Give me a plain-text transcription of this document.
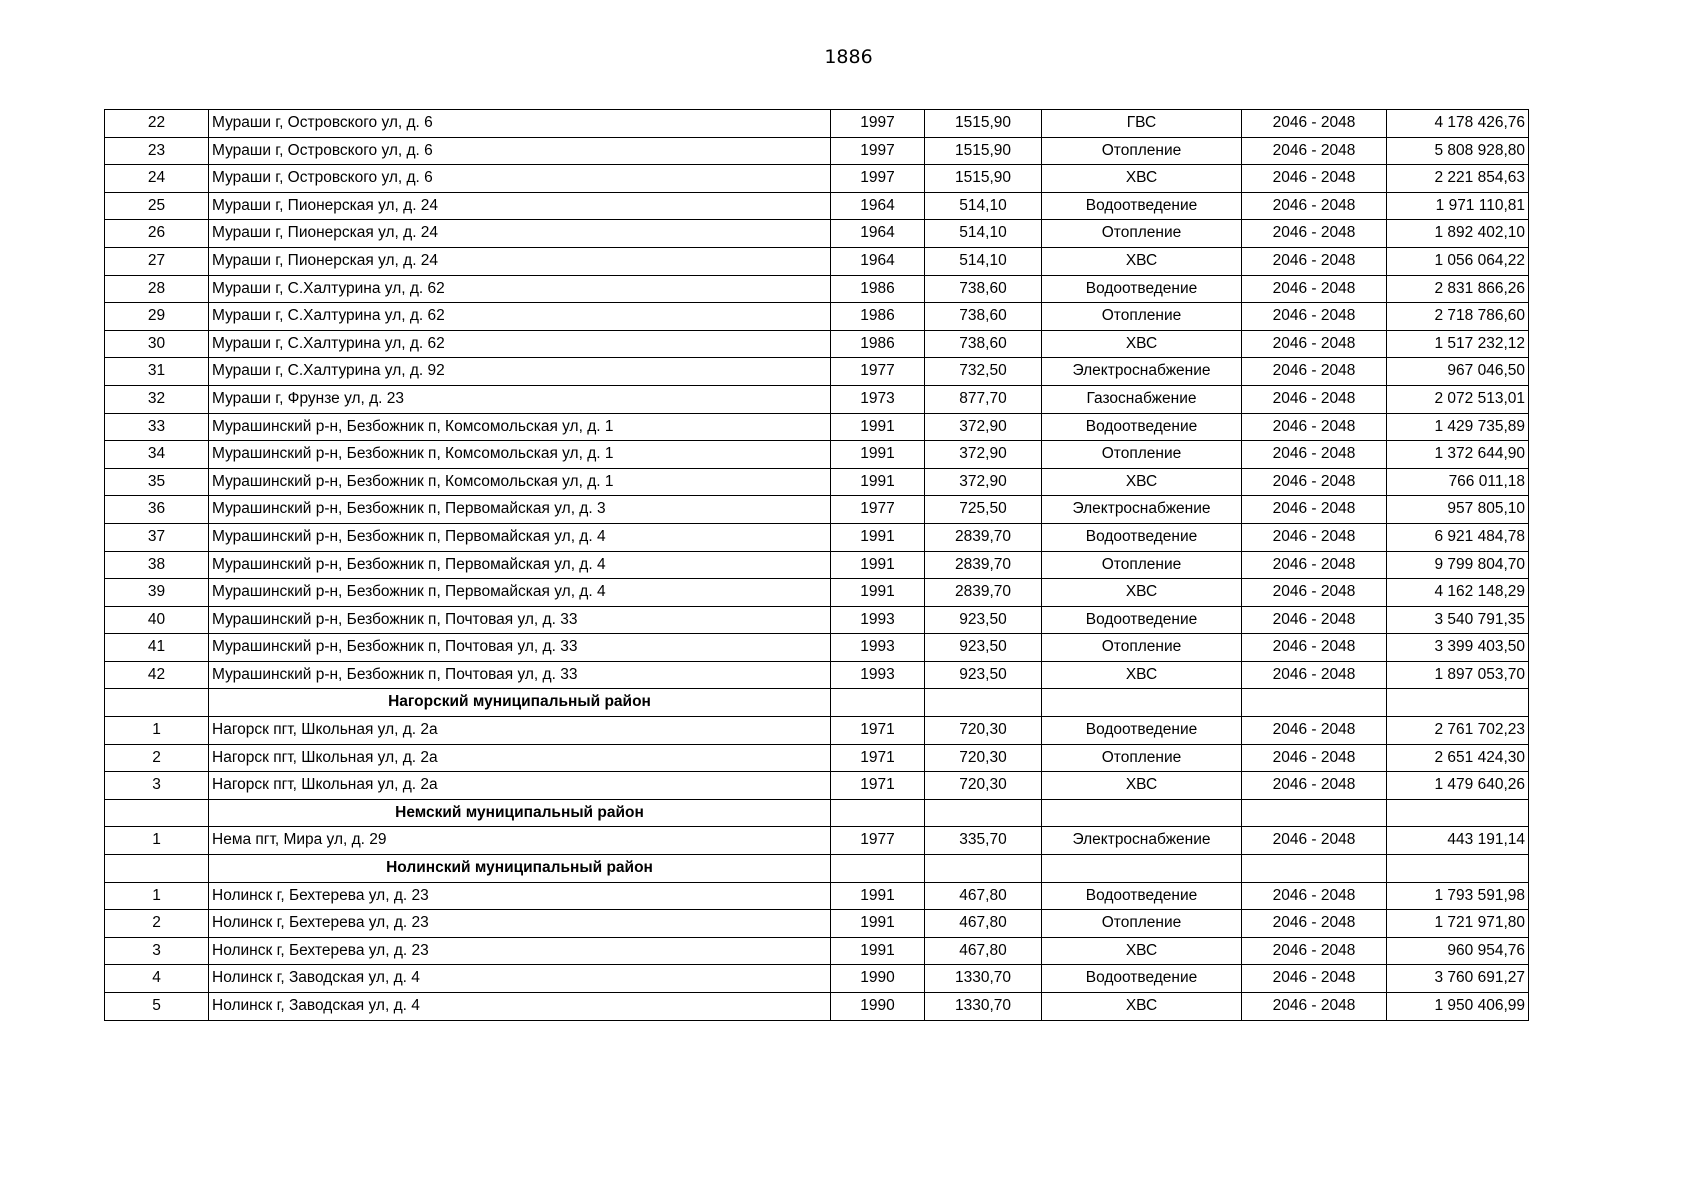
1886
22	Мураши г, Островского ул, д. 6	1997	1515,90	ГВС	2046 - 2048	4 178 426,76
23	Мураши г, Островского ул, д. 6	1997	1515,90	Отопление	2046 - 2048	5 808 928,80
24	Мураши г, Островского ул, д. 6	1997	1515,90	ХВС	2046 - 2048	2 221 854,63
25	Мураши г, Пионерская ул, д. 24	1964	514,10	Водоотведение	2046 - 2048	1 971 110,81
26	Мураши г, Пионерская ул, д. 24	1964	514,10	Отопление	2046 - 2048	1 892 402,10
27	Мураши г, Пионерская ул, д. 24	1964	514,10	ХВС	2046 - 2048	1 056 064,22
28	Мураши г, С.Халтурина ул, д. 62	1986	738,60	Водоотведение	2046 - 2048	2 831 866,26
29	Мураши г, С.Халтурина ул, д. 62	1986	738,60	Отопление	2046 - 2048	2 718 786,60
30	Мураши г, С.Халтурина ул, д. 62	1986	738,60	ХВС	2046 - 2048	1 517 232,12
31	Мураши г, С.Халтурина ул, д. 92	1977	732,50	Электроснабжение	2046 - 2048	967 046,50
32	Мураши г, Фрунзе ул, д. 23	1973	877,70	Газоснабжение	2046 - 2048	2 072 513,01
33	Мурашинский р-н, Безбожник п, Комсомольская ул, д. 1	1991	372,90	Водоотведение	2046 - 2048	1 429 735,89
34	Мурашинский р-н, Безбожник п, Комсомольская ул, д. 1	1991	372,90	Отопление	2046 - 2048	1 372 644,90
35	Мурашинский р-н, Безбожник п, Комсомольская ул, д. 1	1991	372,90	ХВС	2046 - 2048	766 011,18
36	Мурашинский р-н, Безбожник п, Первомайская ул, д. 3	1977	725,50	Электроснабжение	2046 - 2048	957 805,10
37	Мурашинский р-н, Безбожник п, Первомайская ул, д. 4	1991	2839,70	Водоотведение	2046 - 2048	6 921 484,78
38	Мурашинский р-н, Безбожник п, Первомайская ул, д. 4	1991	2839,70	Отопление	2046 - 2048	9 799 804,70
39	Мурашинский р-н, Безбожник п, Первомайская ул, д. 4	1991	2839,70	ХВС	2046 - 2048	4 162 148,29
40	Мурашинский р-н, Безбожник п, Почтовая ул, д. 33	1993	923,50	Водоотведение	2046 - 2048	3 540 791,35
41	Мурашинский р-н, Безбожник п, Почтовая ул, д. 33	1993	923,50	Отопление	2046 - 2048	3 399 403,50
42	Мурашинский р-н, Безбожник п, Почтовая ул, д. 33	1993	923,50	ХВС	2046 - 2048	1 897 053,70
	Нагорский муниципальный район					
1	Нагорск пгт, Школьная ул, д. 2а	1971	720,30	Водоотведение	2046 - 2048	2 761 702,23
2	Нагорск пгт, Школьная ул, д. 2а	1971	720,30	Отопление	2046 - 2048	2 651 424,30
3	Нагорск пгт, Школьная ул, д. 2а	1971	720,30	ХВС	2046 - 2048	1 479 640,26
	Немский муниципальный район					
1	Нема пгт, Мира ул, д. 29	1977	335,70	Электроснабжение	2046 - 2048	443 191,14
	Нолинский муниципальный район					
1	Нолинск г, Бехтерева ул, д. 23	1991	467,80	Водоотведение	2046 - 2048	1 793 591,98
2	Нолинск г, Бехтерева ул, д. 23	1991	467,80	Отопление	2046 - 2048	1 721 971,80
3	Нолинск г, Бехтерева ул, д. 23	1991	467,80	ХВС	2046 - 2048	960 954,76
4	Нолинск г, Заводская ул, д. 4	1990	1330,70	Водоотведение	2046 - 2048	3 760 691,27
5	Нолинск г, Заводская ул, д. 4	1990	1330,70	ХВС	2046 - 2048	1 950 406,99
